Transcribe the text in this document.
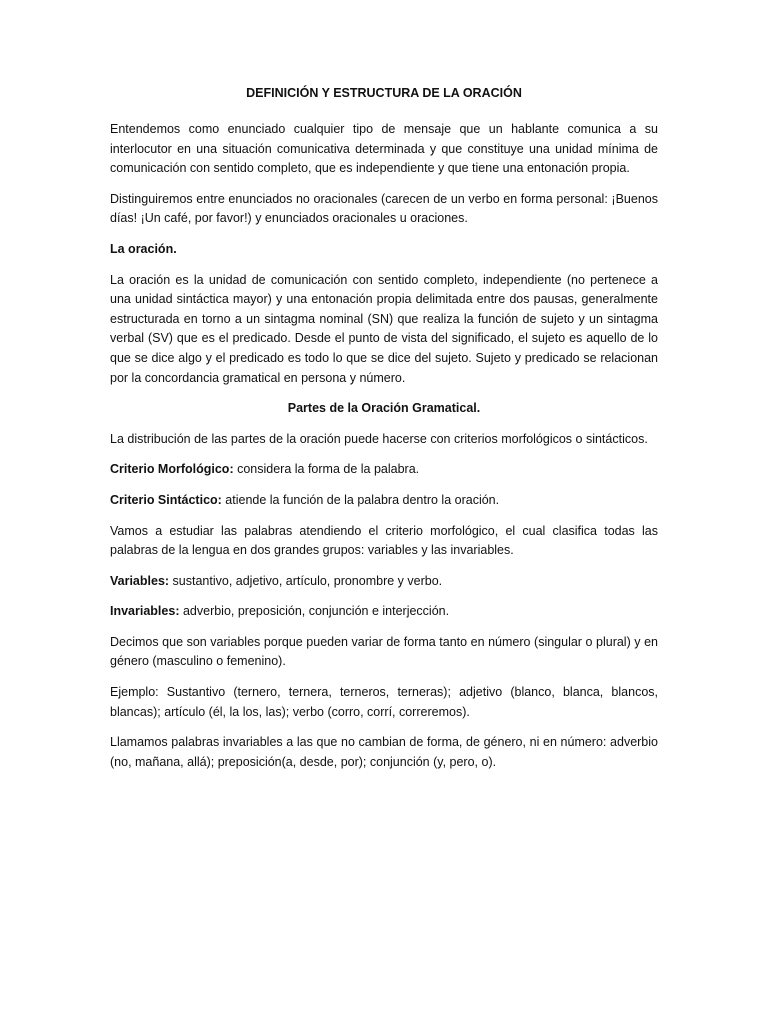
DEFINICIÓN Y ESTRUCTURA DE LA ORACIÓN

Entendemos como enunciado cualquier tipo de mensaje que un hablante comunica a su interlocutor en una situación comunicativa determinada y que constituye una unidad mínima de comunicación con sentido completo, que es independiente y que tiene una entonación propia.

Distinguiremos entre enunciados no oracionales (carecen de un verbo en forma personal: ¡Buenos días! ¡Un café, por favor!) y enunciados oracionales u oraciones.

La oración.

La oración es la unidad de comunicación con sentido completo, independiente (no pertenece a una unidad sintáctica mayor) y una entonación propia delimitada entre dos pausas, generalmente estructurada en torno a un sintagma nominal (SN) que realiza la función de sujeto y un sintagma verbal (SV) que es el predicado. Desde el punto de vista del significado, el sujeto es aquello de lo que se dice algo y el predicado es todo lo que se dice del sujeto. Sujeto y predicado se relacionan por la concordancia gramatical en persona y número.

Partes de la Oración Gramatical.

La distribución de las partes de la oración puede hacerse con criterios morfológicos o sintácticos.

Criterio Morfológico: considera la forma de la palabra.

Criterio Sintáctico: atiende la función de la palabra dentro la oración.

Vamos a estudiar las palabras atendiendo el criterio morfológico, el cual clasifica todas las palabras de la lengua en dos grandes grupos: variables y las invariables.

Variables: sustantivo, adjetivo, artículo, pronombre y verbo.

Invariables: adverbio, preposición, conjunción e interjección.

Decimos que son variables porque pueden variar de forma tanto en número (singular o plural) y en género (masculino o femenino).

Ejemplo: Sustantivo (ternero, ternera, terneros, terneras); adjetivo (blanco, blanca, blancos, blancas); artículo (él, la los, las); verbo (corro, corrí, correremos).

Llamamos palabras invariables a las que no cambian de forma, de género, ni en número: adverbio (no, mañana, allá); preposición(a, desde, por); conjunción (y, pero, o).
